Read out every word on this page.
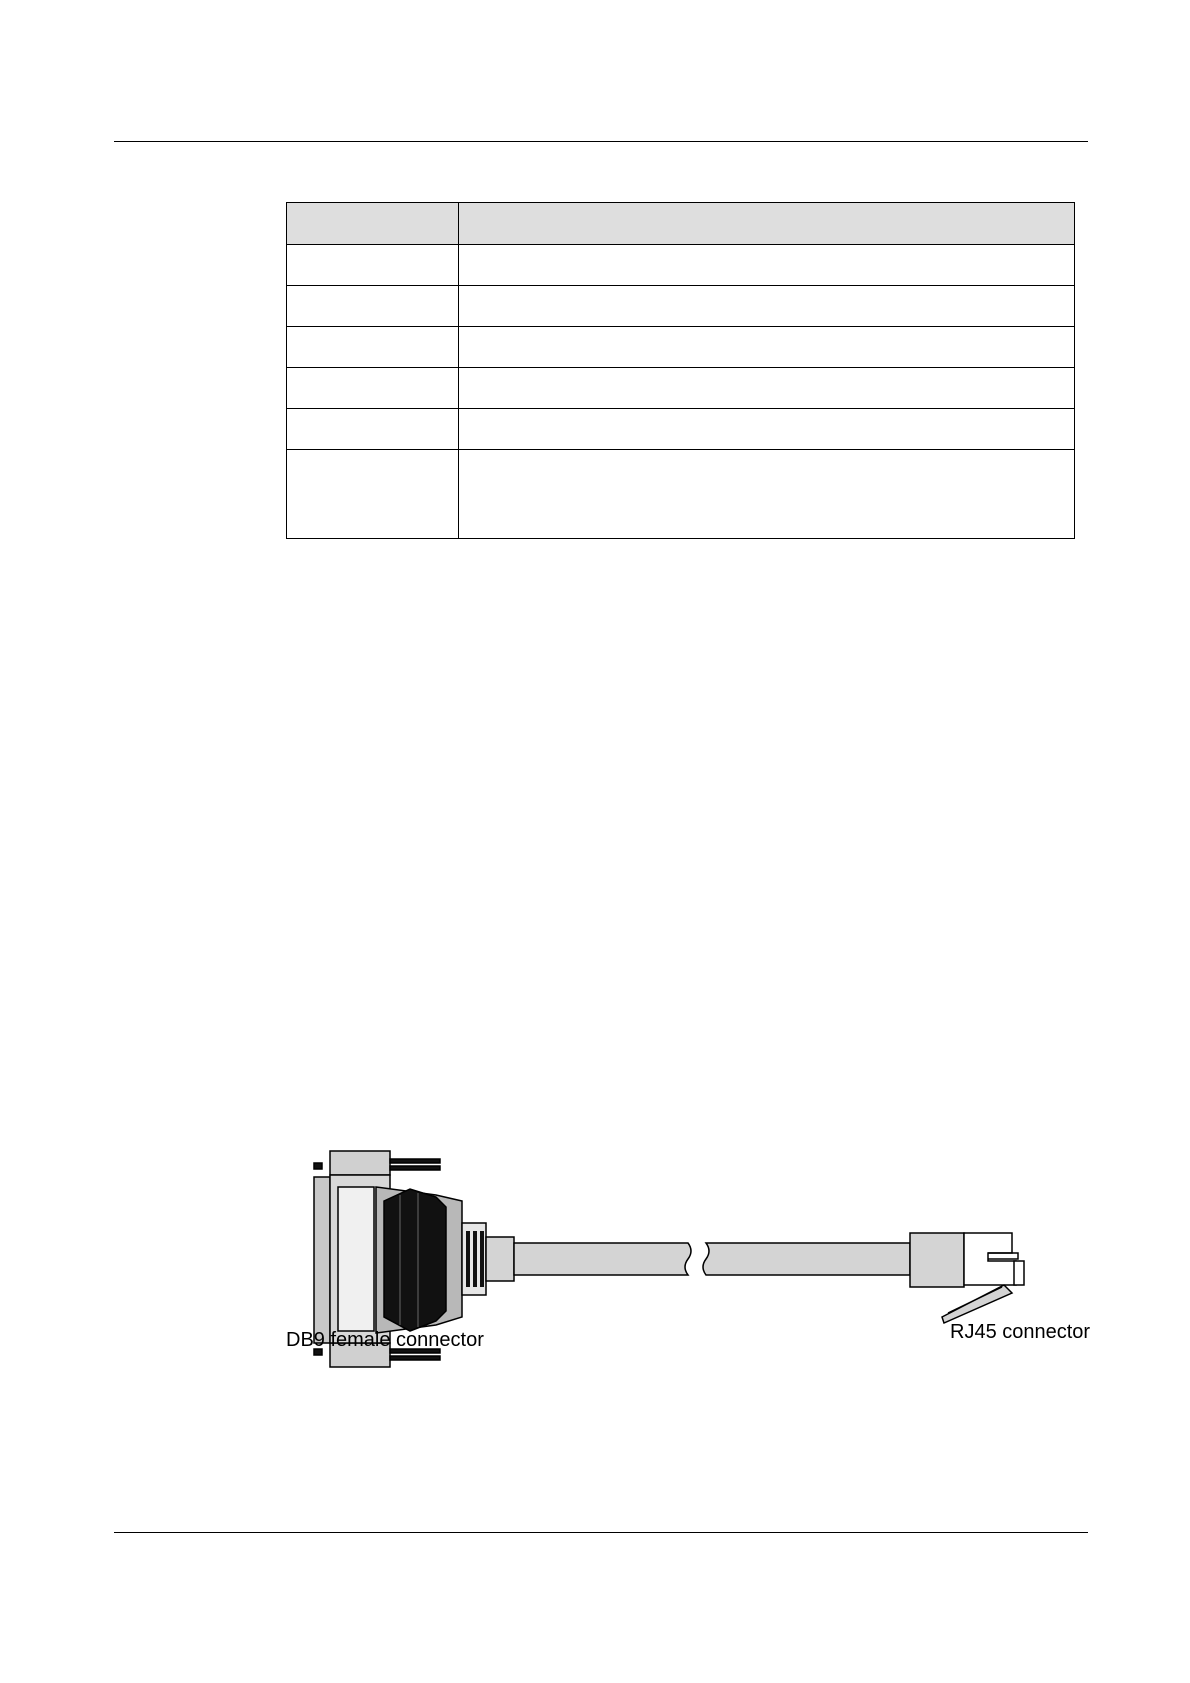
DB9 female connector	RJ45 connector
